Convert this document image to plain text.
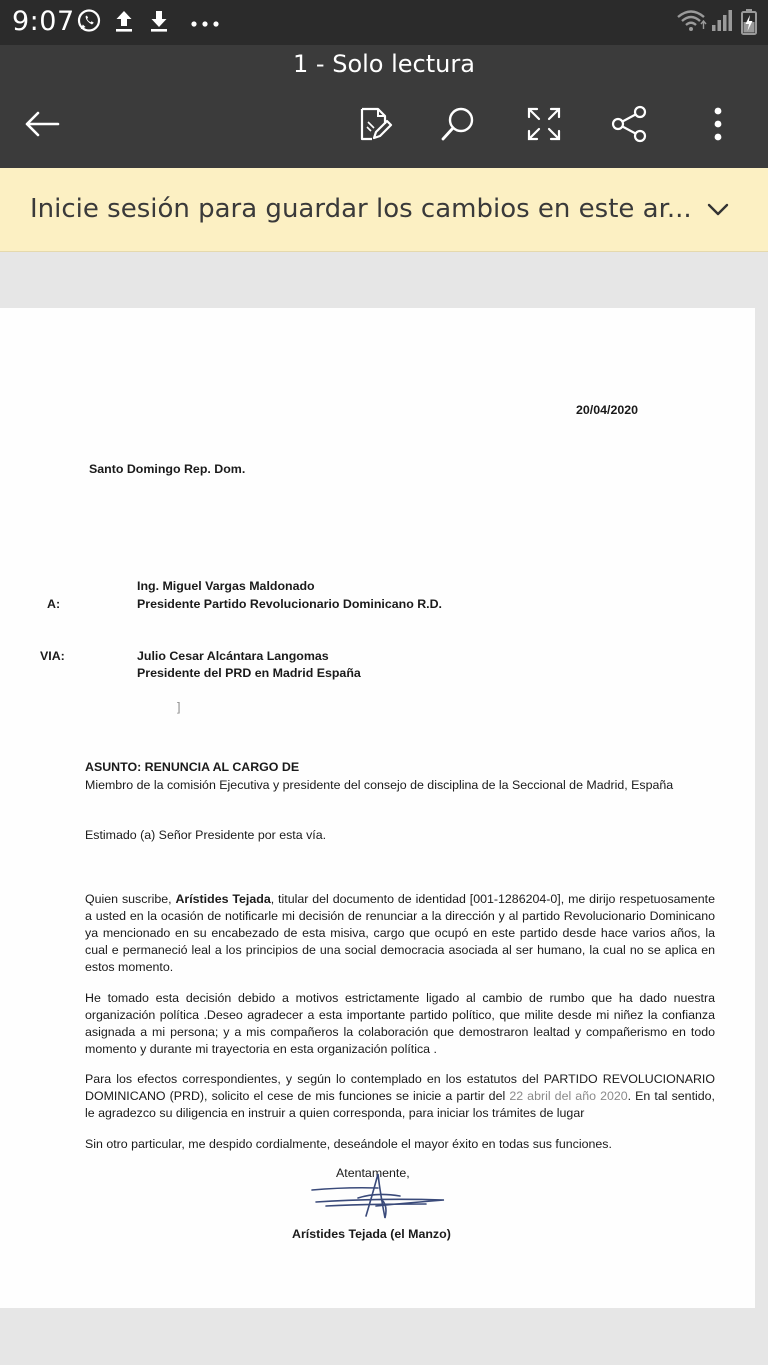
9:07
1 - Solo lectura
Inicie sesión para guardar los cambios en este ar...
20/04/2020
Santo Domingo Rep. Dom.
Ing. Miguel Vargas Maldonado
A:	Presidente Partido Revolucionario Dominicano R.D.
VIA:	Julio Cesar Alcántara Langomas
Presidente del PRD en Madrid España
]
ASUNTO: RENUNCIA AL CARGO DE
Miembro de la comisión Ejecutiva y presidente del consejo de disciplina de la Seccional de Madrid, España
Estimado (a) Señor Presidente por esta vía.
Quien suscribe, Arístides Tejada, titular del documento de identidad [001-1286204-0], me dirijo respetuosamente a usted en la ocasión de notificarle mi decisión de renunciar a la dirección y al partido Revolucionario Dominicano ya mencionado en su encabezado de esta misiva, cargo que ocupó en este partido desde hace varios años, la cual e permaneció leal a los principios de una social democracia asociada al ser humano, la cual no se aplica en estos momento.
He tomado esta decisión debido a motivos estrictamente ligado al cambio de rumbo que ha dado nuestra organización política .Deseo agradecer a esta importante partido político, que milite desde mi niñez la confianza asignada a mi persona; y a mis compañeros la colaboración que demostraron lealtad y compañerismo en todo momento y durante mi trayectoria en esta organización política .
Para los efectos correspondientes, y según lo contemplado en los estatutos del PARTIDO REVOLUCIONARIO DOMINICANO (PRD), solicito el cese de mis funciones se inicie a partir del 22 abril del año 2020. En tal sentido, le agradezco su diligencia en instruir a quien corresponda, para iniciar los trámites de lugar
Sin otro particular, me despido cordialmente, deseándole el mayor éxito en todas sus funciones.
Atentamente,
Arístides Tejada (el Manzo)
